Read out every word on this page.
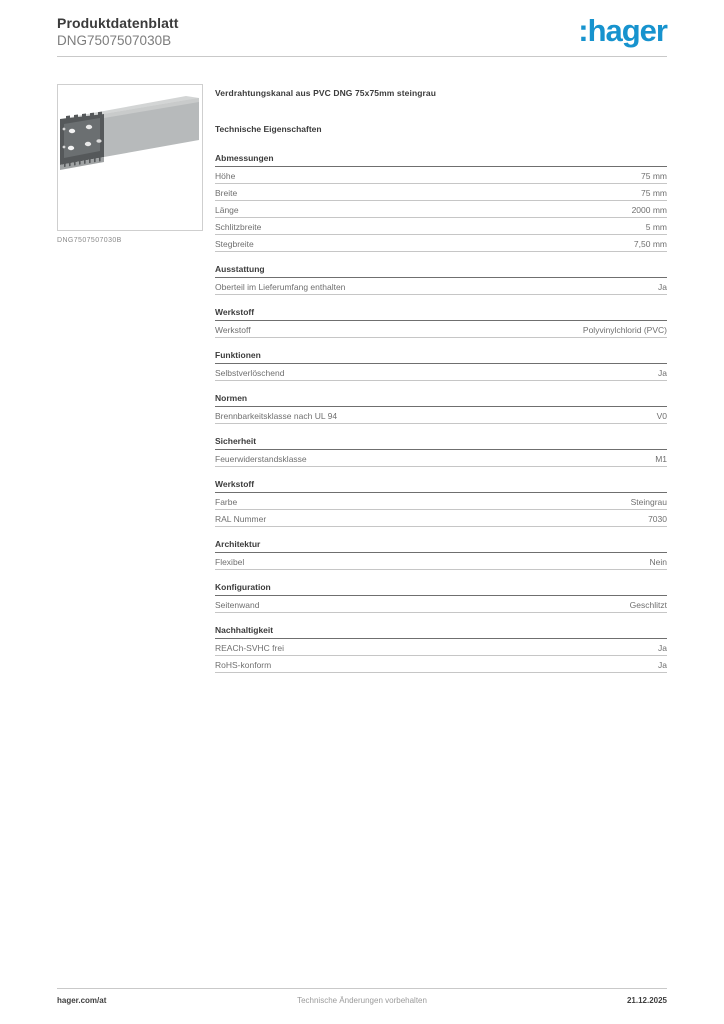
Produktdatenblatt
DNG7507507030B	:hager
DNG7507507030B
Verdrahtungskanal aus PVC DNG 75x75mm steingrau
Technische Eigenschaften
Abmessungen
Höhe	75 mm
Breite	75 mm
Länge	2000 mm
Schlitzbreite	5 mm
Stegbreite	7,50 mm
Ausstattung
Oberteil im Lieferumfang enthalten	Ja
Werkstoff
Werkstoff	Polyvinylchlorid (PVC)
Funktionen
Selbstverlöschend	Ja
Normen
Brennbarkeitsklasse nach UL 94	V0
Sicherheit
Feuerwiderstandsklasse	M1
Werkstoff
Farbe	Steingrau
RAL Nummer	7030
Architektur
Flexibel	Nein
Konfiguration
Seitenwand	Geschlitzt
Nachhaltigkeit
REACh-SVHC frei	Ja
RoHS-konform	Ja
hager.com/at	Technische Änderungen vorbehalten	21.12.2025
